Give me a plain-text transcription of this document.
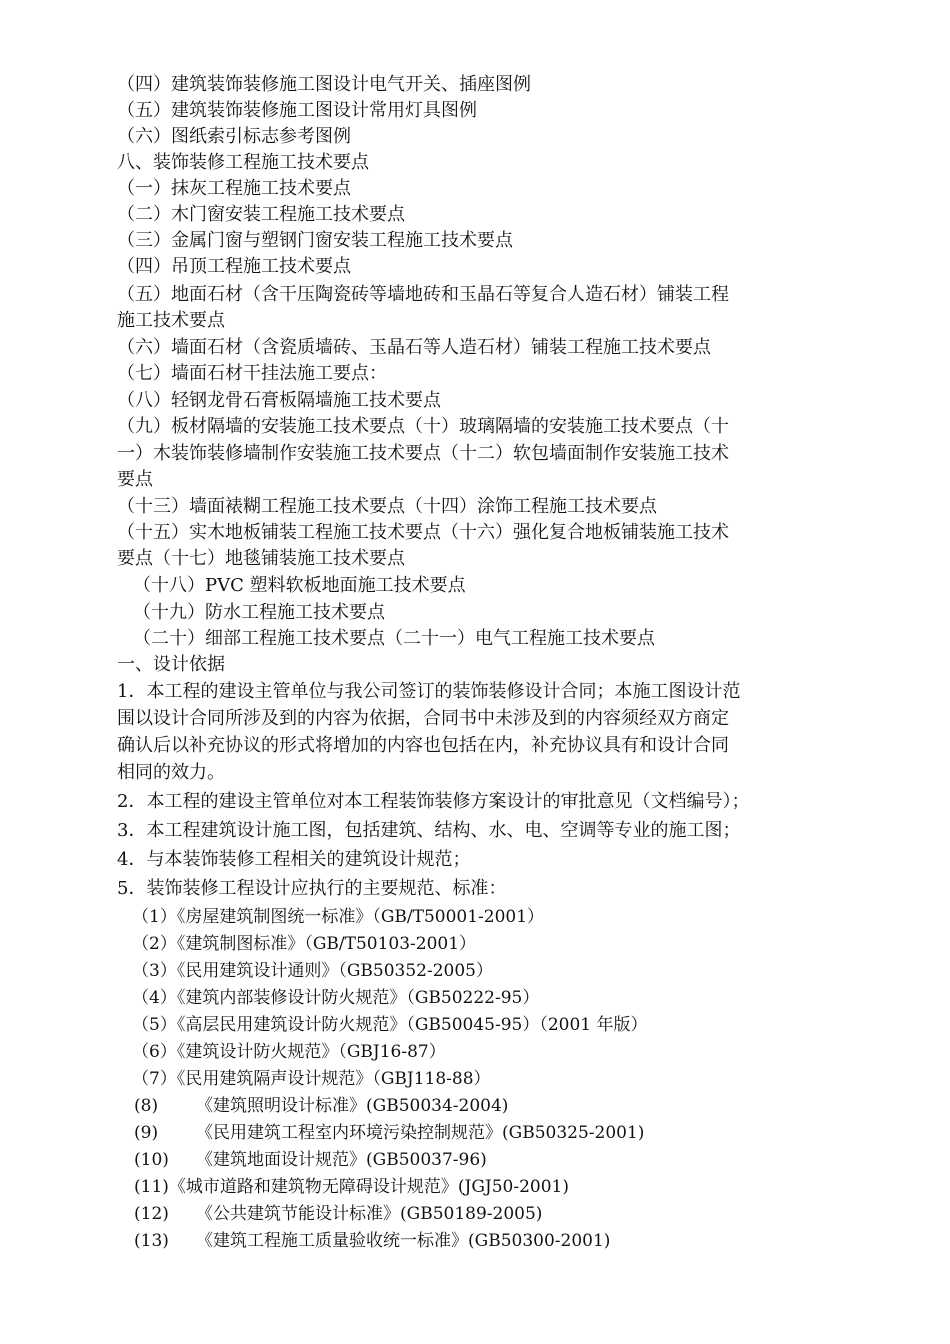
（四）建筑装饰装修施工图设计电气开关、插座图例
（五）建筑装饰装修施工图设计常用灯具图例
（六）图纸索引标志参考图例
八、装饰装修工程施工技术要点
（一）抹灰工程施工技术要点
（二）木门窗安装工程施工技术要点
（三）金属门窗与塑钢门窗安装工程施工技术要点
（四）吊顶工程施工技术要点
（五）地面石材（含干压陶瓷砖等墙地砖和玉晶石等复合人造石材）铺装工程
施工技术要点
（六）墙面石材（含瓷质墙砖、玉晶石等人造石材）铺装工程施工技术要点
（七）墙面石材干挂法施工要点：
（八）轻钢龙骨石膏板隔墙施工技术要点
（九）板材隔墙的安装施工技术要点（十）玻璃隔墙的安装施工技术要点（十
一）木装饰装修墙制作安装施工技术要点（十二）软包墙面制作安装施工技术
要点
（十三）墙面裱糊工程施工技术要点（十四）涂饰工程施工技术要点
（十五）实木地板铺装工程施工技术要点（十六）强化复合地板铺装施工技术
要点（十七）地毯铺装施工技术要点
（十八）PVC 塑料软板地面施工技术要点
（十九）防水工程施工技术要点
（二十）细部工程施工技术要点（二十一）电气工程施工技术要点
一、设计依据
1．本工程的建设主管单位与我公司签订的装饰装修设计合同；本施工图设计范
围以设计合同所涉及到的内容为依据，合同书中未涉及到的内容须经双方商定
确认后以补充协议的形式将增加的内容也包括在内，补充协议具有和设计合同
相同的效力。
2．本工程的建设主管单位对本工程装饰装修方案设计的审批意见（文档编号）；
3．本工程建筑设计施工图，包括建筑、结构、水、电、空调等专业的施工图；
4．与本装饰装修工程相关的建筑设计规范；
5．装饰装修工程设计应执行的主要规范、标准：
（1）《房屋建筑制图统一标准》（GB/T50001-2001）
（2）《建筑制图标准》（GB/T50103-2001）
（3）《民用建筑设计通则》（GB50352-2005）
（4）《建筑内部装修设计防火规范》（GB50222-95）
（5）《高层民用建筑设计防火规范》（GB50045-95）（2001 年版）
（6）《建筑设计防火规范》（GBJ16-87）
（7）《民用建筑隔声设计规范》（GBJ118-88）
(8) 《建筑照明设计标准》(GB50034-2004)
(9) 《民用建筑工程室内环境污染控制规范》(GB50325-2001)
(10) 《建筑地面设计规范》(GB50037-96)
(11)《城市道路和建筑物无障碍设计规范》(JGJ50-2001)
(12) 《公共建筑节能设计标准》(GB50189-2005)
(13) 《建筑工程施工质量验收统一标准》(GB50300-2001)
